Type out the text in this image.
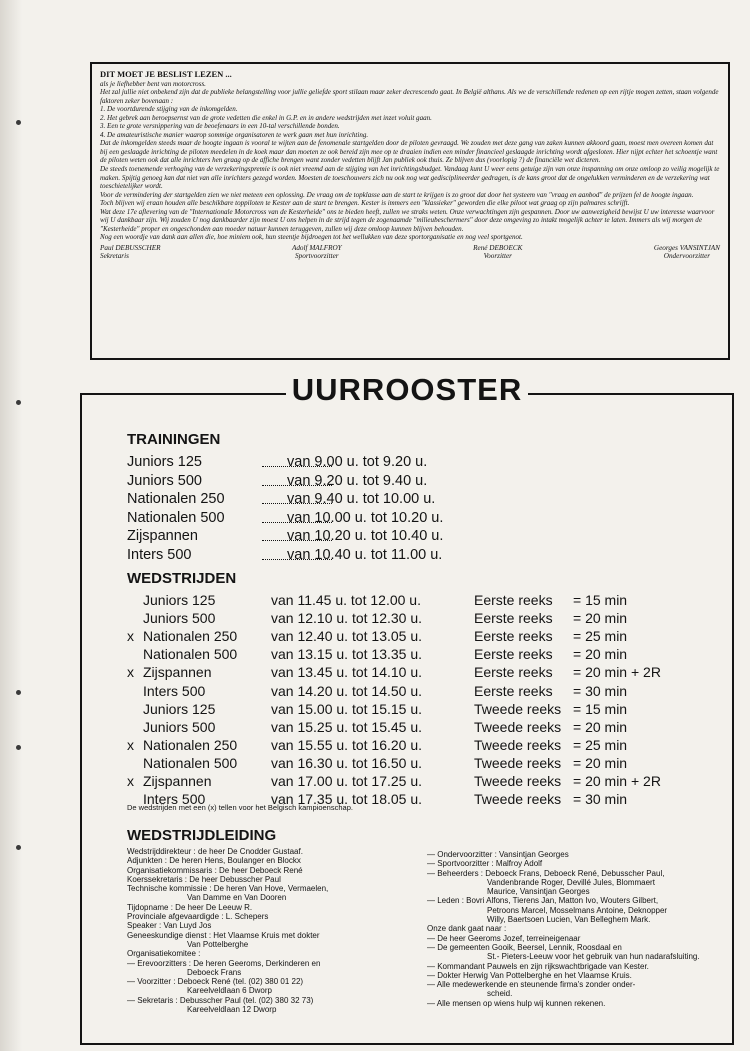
DIT MOET JE BESLIST LEZEN ...

als je liefhebber bent van motorcross.

Het zal jullie niet onbekend zijn dat de publieke belangstelling voor jullie geliefde sport stilaan maar zeker decrescendo gaat. In België althans. Als we de verschillende redenen op een rijtje mogen zetten, staan volgende faktoren zeker bovenaan :

1. De voortdurende stijging van de inkomgelden.

2. Het gebrek aan beroepsernst van de grote vedetten die enkel in G.P. en in andere wedstrijden met inzet voluit gaan.

3. Een te grote versnippering van de beoefenaars in een 10-tal verschillende bonden.

4. De amateuristische manier waarop sommige organisatoren te werk gaan met hun inrichting.

Dat de inkomgelden steeds maar de hoogte ingaan is vooral te wijten aan de fenomenale startgelden door de piloten gevraagd. We zouden met deze gang van zaken kunnen akkoord gaan, moest men overeen komen dat bij een geslaagde inrichting de piloten meedelen in de koek maar dan moeten ze ook bereid zijn mee op te draaien indien een minder financieel geslaagde inrichting wordt afgesloten. Hier nijpt echter het schoentje want de piloten weten ook dat alle inrichters hen graag op de affiche brengen want zonder vedetten blijft Jan publiek ook thuis. Ze blijven dus (voorlopig ?) de financiële wet dicteren.

De steeds toenemende verhoging van de verzekeringspremie is ook niet vreemd aan de stijging van het inrichtingsbudget. Vandaag kunt U weer eens getuige zijn van onze inspanning om onze omloop zo veilig mogelijk te maken. Spijtig genoeg kan dat niet van alle inrichters gezegd worden. Moesten de toeschouwers zich nu ook nog wat gedisciplineerder gedragen, is de kans groot dat de ongelukken verminderen en de verzekering wat toeschietelijker wordt.

Voor de vermindering der startgelden zien we niet meteen een oplossing. De vraag om de topklasse aan de start te krijgen is zo groot dat door het systeem van "vraag en aanbod" de prijzen fel de hoogte ingaan.

Toch blijven wij eraan houden alle beschikbare toppiloten te Kester aan de start te brengen. Kester is immers een "klassieker" geworden die elke piloot wat graag op zijn palmares schrijft.

Wat deze 17e aflevering van de "Internationale Motorcross van de Kesterheide" ons te bieden heeft, zullen we straks weten. Onze verwachtingen zijn gespannen. Door uw aanwezigheid bewijst U uw interesse waarvoor wij U dankbaar zijn. Wij zouden U nog dankbaarder zijn moest U ons helpen in de strijd tegen de zogenaamde "milieubeschermers" door deze omgeving zo intakt mogelijk achter te laten. Immers als wij morgen de "Kesterheide" proper en ongeschonden aan moeder natuur kunnen teruggeven, zullen wij deze omloop kunnen blijven behouden.

Nog een woordje van dank aan allen die, hoe miniem ook, hun steentje bijdroegen tot het wellukken van deze sportorganisatie en nog veel sportgenot.

Paul DEBUSSCHER
Sekretaris
Adolf MALFROY
Sportvoorzitter
René DEBOECK
Voorzitter
Georges VANSINTJAN
Ondervoorzitter
UURROOSTER
TRAININGEN
Juniors 125	van 9.00 u. tot 9.20 u.
Juniors 500	van 9.20 u. tot 9.40 u.
Nationalen 250	van 9.40 u. tot 10.00 u.
Nationalen 500	van 10.00 u. tot 10.20 u.
Zijspannen	van 10.20 u. tot 10.40 u.
Inters 500	van 10.40 u. tot 11.00 u.
WEDSTRIJDEN
Juniors 125	van 11.45 u. tot 12.00 u.	Eerste reeks = 15 min
Juniors 500	van 12.10 u. tot 12.30 u.	Eerste reeks = 20 min
x Nationalen 250 van 12.40 u. tot 13.05 u.	Eerste reeks = 25 min
Nationalen 500 van 13.15 u. tot 13.35 u.	Eerste reeks = 20 min
x Zijspannen	van 13.45 u. tot 14.10 u.	Eerste reeks = 20 min + 2R
Inters 500	van 14.20 u. tot 14.50 u.	Eerste reeks = 30 min
Juniors 125	van 15.00 u. tot 15.15 u.	Tweede reeks = 15 min
Juniors 500	van 15.25 u. tot 15.45 u.	Tweede reeks = 20 min
x Nationalen 250 van 15.55 u. tot 16.20 u.	Tweede reeks = 25 min
Nationalen 500 van 16.30 u. tot 16.50 u.	Tweede reeks = 20 min
x Zijspannen	van 17.00 u. tot 17.25 u.	Tweede reeks = 20 min + 2R
Inters 500	van 17.35 u. tot 18.05 u.	Tweede reeks = 30 min
De wedstrijden met een (x) tellen voor het Belgisch kampioenschap.
WEDSTRIJDLEIDING
Wedstrijddirekteur : de heer De Cnodder Gustaaf.
Adjunkten : De heren Hens, Boulanger en Blockx
Organisatiekommissaris : De heer Deboeck René
Koerssekretaris : De heer Debusscher Paul
Technische kommissie : De heren Van Hove, Vermaelen,
Van Damme en Van Dooren
Tijdopname : De heer De Leeuw R.
Provinciale afgevaardigde : L. Schepers
Speaker : Van Luyd Jos
Geneeskundige dienst : Het Vlaamse Kruis met dokter
Van Pottelberghe
Organisatiekomitee :
— Erevoorzitters : De heren Geeroms, Derkinderen en
Deboeck Frans
— Voorzitter : Deboeck René (tel. (02) 380 01 22)
Kareelveldlaan 6 Dworp
— Sekretaris : Debusscher Paul (tel. (02) 380 32 73)
Kareelveldlaan 12 Dworp
— Ondervoorzitter : Vansintjan Georges
— Sportvoorzitter : Malfroy Adolf
— Beheerders : Deboeck Frans, Deboeck René, Debusscher Paul,
Vandenbrande Roger, Devillé Jules, Blommaert
Maurice, Vansintjan Georges
— Leden : Bovri Alfons, Tierens Jan, Matton Ivo, Wouters Gilbert,
Petroons Marcel, Mosselmans Antoine, Deknopper
Willy, Baertsoen Lucien, Van Belleghem Mark.
Onze dank gaat naar :
— De heer Geeroms Jozef, terreineigenaar
— De gemeenten Gooik, Beersel, Lennik, Roosdaal en
St.- Pieters-Leeuw voor het gebruik van hun nadarafsluiting.
— Kommandant Pauwels en zijn rijkswachtbrigade van Kester.
— Dokter Herwig Van Pottelberghe en het Vlaamse Kruis.
— Alle medewerkende en steunende firma's zonder onder-
scheid.
— Alle mensen op wiens hulp wij kunnen rekenen.
